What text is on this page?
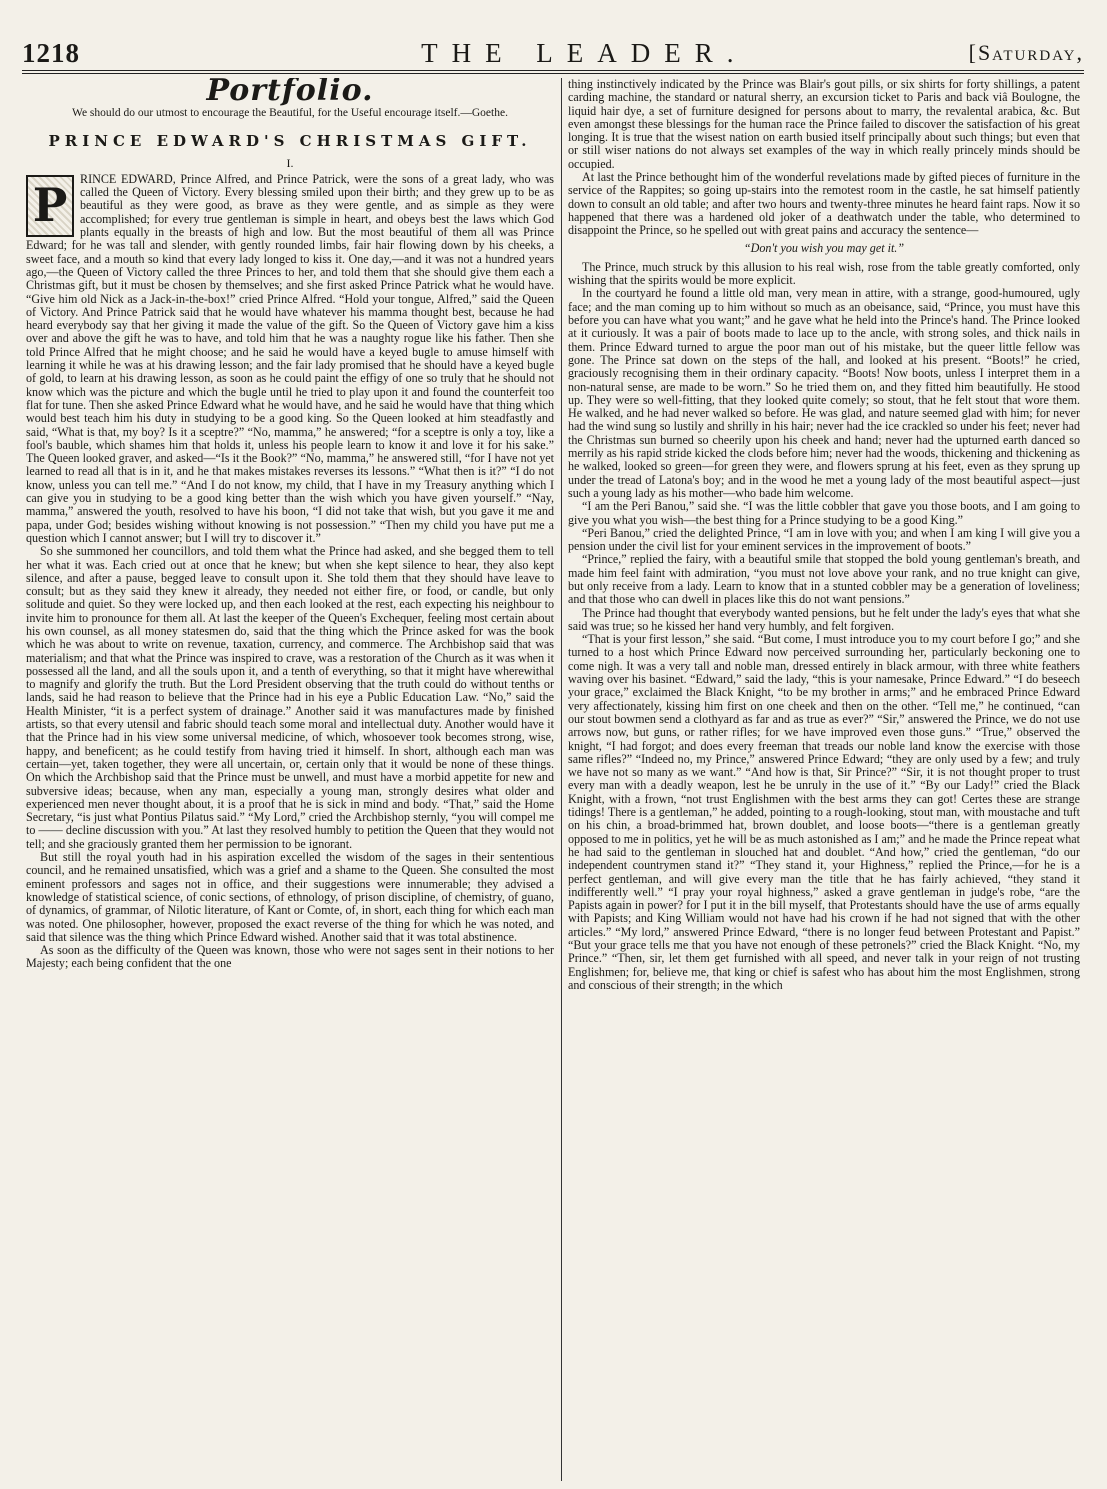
1218	THE LEADER.	[Saturday,
Portfolio.
We should do our utmost to encourage the Beautiful, for the Useful encourage itself.—Goethe.
PRINCE EDWARD'S CHRISTMAS GIFT.
I.
P	RINCE EDWARD, Prince Alfred, and Prince Patrick, were the sons of a great lady, who was called the Queen of Victory. Every blessing smiled upon their birth; and they grew up to be as beautiful as they were good, as brave as they were gentle, and as simple as they were accomplished; for every true gentleman is simple in heart, and obeys best the laws which God plants equally in the breasts of high and low. But the most beautiful of them all was Prince Edward; for he was tall and slender, with gently rounded limbs, fair hair flowing down by his cheeks, a sweet face, and a mouth so kind that every lady longed to kiss it. One day,—and it was not a hundred years ago,—the Queen of Victory called the three Princes to her, and told them that she should give them each a Christmas gift, but it must be chosen by themselves; and she first asked Prince Patrick what he would have. “Give him old Nick as a Jack-in-the-box!” cried Prince Alfred. “Hold your tongue, Alfred,” said the Queen of Victory. And Prince Patrick said that he would have whatever his mamma thought best, because he had heard everybody say that her giving it made the value of the gift. So the Queen of Victory gave him a kiss over and above the gift he was to have, and told him that he was a naughty rogue like his father. Then she told Prince Alfred that he might choose; and he said he would have a keyed bugle to amuse himself with learning it while he was at his drawing lesson; and the fair lady promised that he should have a keyed bugle of gold, to learn at his drawing lesson, as soon as he could paint the effigy of one so truly that he should not know which was the picture and which the bugle until he tried to play upon it and found the counterfeit too flat for tune. Then she asked Prince Edward what he would have, and he said he would have that thing which would best teach him his duty in studying to be a good king. So the Queen looked at him steadfastly and said, “What is that, my boy? Is it a sceptre?” “No, mamma,” he answered; “for a sceptre is only a toy, like a fool's bauble, which shames him that holds it, unless his people learn to know it and love it for his sake.” The Queen looked graver, and asked—“Is it the Book?” “No, mamma,” he answered still, “for I have not yet learned to read all that is in it, and he that makes mistakes reverses its lessons.” “What then is it?” “I do not know, unless you can tell me.” “And I do not know, my child, that I have in my Treasury anything which I can give you in studying to be a good king better than the wish which you have given yourself.” “Nay, mamma,” answered the youth, resolved to have his boon, “I did not take that wish, but you gave it me and papa, under God; besides wishing without knowing is not possession.” “Then my child you have put me a question which I cannot answer; but I will try to discover it.”

So she summoned her councillors, and told them what the Prince had asked, and she begged them to tell her what it was. Each cried out at once that he knew; but when she kept silence to hear, they also kept silence, and after a pause, begged leave to consult upon it. She told them that they should have leave to consult; but as they said they knew it already, they needed not either fire, or food, or candle, but only solitude and quiet. So they were locked up, and then each looked at the rest, each expecting his neighbour to invite him to pronounce for them all. At last the keeper of the Queen's Exchequer, feeling most certain about his own counsel, as all money statesmen do, said that the thing which the Prince asked for was the book which he was about to write on revenue, taxation, currency, and commerce. The Archbishop said that was materialism; and that what the Prince was inspired to crave, was a restoration of the Church as it was when it possessed all the land, and all the souls upon it, and a tenth of everything, so that it might have wherewithal to magnify and glorify the truth. But the Lord President observing that the truth could do without tenths or lands, said he had reason to believe that the Prince had in his eye a Public Education Law. “No,” said the Health Minister, “it is a perfect system of drainage.” Another said it was manufactures made by finished artists, so that every utensil and fabric should teach some moral and intellectual duty. Another would have it that the Prince had in his view some universal medicine, of which, whosoever took becomes strong, wise, happy, and beneficent; as he could testify from having tried it himself. In short, although each man was certain—yet, taken together, they were all uncertain, or, certain only that it would be none of these things. On which the Archbishop said that the Prince must be unwell, and must have a morbid appetite for new and subversive ideas; because, when any man, especially a young man, strongly desires what older and experienced men never thought about, it is a proof that he is sick in mind and body. “That,” said the Home Secretary, “is just what Pontius Pilatus said.” “My Lord,” cried the Archbishop sternly, “you will compel me to —— decline discussion with you.” At last they resolved humbly to petition the Queen that they would not tell; and she graciously granted them her permission to be ignorant.

But still the royal youth had in his aspiration excelled the wisdom of the sages in their sententious council, and he remained unsatisfied, which was a grief and a shame to the Queen. She consulted the most eminent professors and sages not in office, and their suggestions were innumerable; they advised a knowledge of statistical science, of conic sections, of ethnology, of prison discipline, of chemistry, of guano, of dynamics, of grammar, of Nilotic literature, of Kant or Comte, of, in short, each thing for which each man was noted. One philosopher, however, proposed the exact reverse of the thing for which he was noted, and said that silence was the thing which Prince Edward wished. Another said that it was total abstinence.

As soon as the difficulty of the Queen was known, those who were not sages sent in their notions to her Majesty; each being confident that the one

thing instinctively indicated by the Prince was Blair's gout pills, or six shirts for forty shillings, a patent carding machine, the standard or natural sherry, an excursion ticket to Paris and back viâ Boulogne, the liquid hair dye, a set of furniture designed for persons about to marry, the revalental arabica, &c. But even amongst these blessings for the human race the Prince failed to discover the satisfaction of his great longing. It is true that the wisest nation on earth busied itself principally about such things; but even that or still wiser nations do not always set examples of the way in which really princely minds should be occupied.

At last the Prince bethought him of the wonderful revelations made by gifted pieces of furniture in the service of the Rappites; so going up-stairs into the remotest room in the castle, he sat himself patiently down to consult an old table; and after two hours and twenty-three minutes he heard faint raps. Now it so happened that there was a hardened old joker of a deathwatch under the table, who determined to disappoint the Prince, so he spelled out with great pains and accuracy the sentence—

“Don't you wish you may get it.”

The Prince, much struck by this allusion to his real wish, rose from the table greatly comforted, only wishing that the spirits would be more explicit.

In the courtyard he found a little old man, very mean in attire, with a strange, good-humoured, ugly face; and the man coming up to him without so much as an obeisance, said, “Prince, you must have this before you can have what you want;” and he gave what he held into the Prince's hand. The Prince looked at it curiously. It was a pair of boots made to lace up to the ancle, with strong soles, and thick nails in them. Prince Edward turned to argue the poor man out of his mistake, but the queer little fellow was gone. The Prince sat down on the steps of the hall, and looked at his present. “Boots!” he cried, graciously recognising them in their ordinary capacity. “Boots! Now boots, unless I interpret them in a non-natural sense, are made to be worn.” So he tried them on, and they fitted him beautifully. He stood up. They were so well-fitting, that they looked quite comely; so stout, that he felt stout that wore them. He walked, and he had never walked so before. He was glad, and nature seemed glad with him; for never had the wind sung so lustily and shrilly in his hair; never had the ice crackled so under his feet; never had the Christmas sun burned so cheerily upon his cheek and hand; never had the upturned earth danced so merrily as his rapid stride kicked the clods before him; never had the woods, thickening and thickening as he walked, looked so green—for green they were, and flowers sprung at his feet, even as they sprung up under the tread of Latona's boy; and in the wood he met a young lady of the most beautiful aspect—just such a young lady as his mother—who bade him welcome.

“I am the Peri Banou,” said she. “I was the little cobbler that gave you those boots, and I am going to give you what you wish—the best thing for a Prince studying to be a good King.”

“Peri Banou,” cried the delighted Prince, “I am in love with you; and when I am king I will give you a pension under the civil list for your eminent services in the improvement of boots.”

“Prince,” replied the fairy, with a beautiful smile that stopped the bold young gentleman's breath, and made him feel faint with admiration, “you must not love above your rank, and no true knight can give, but only receive from a lady. Learn to know that in a stunted cobbler may be a generation of loveliness; and that those who can dwell in places like this do not want pensions.”

The Prince had thought that everybody wanted pensions, but he felt under the lady's eyes that what she said was true; so he kissed her hand very humbly, and felt forgiven.

“That is your first lesson,” she said. “But come, I must introduce you to my court before I go;” and she turned to a host which Prince Edward now perceived surrounding her, particularly beckoning one to come nigh. It was a very tall and noble man, dressed entirely in black armour, with three white feathers waving over his basinet. “Edward,” said the lady, “this is your namesake, Prince Edward.” “I do beseech your grace,” exclaimed the Black Knight, “to be my brother in arms;” and he embraced Prince Edward very affectionately, kissing him first on one cheek and then on the other. “Tell me,” he continued, “can our stout bowmen send a clothyard as far and as true as ever?” “Sir,” answered the Prince, we do not use arrows now, but guns, or rather rifles; for we have improved even those guns.” “True,” observed the knight, “I had forgot; and does every freeman that treads our noble land know the exercise with those same rifles?” “Indeed no, my Prince,” answered Prince Edward; “they are only used by a few; and truly we have not so many as we want.” “And how is that, Sir Prince?” “Sir, it is not thought proper to trust every man with a deadly weapon, lest he be unruly in the use of it.” “By our Lady!” cried the Black Knight, with a frown, “not trust Englishmen with the best arms they can got! Certes these are strange tidings! There is a gentleman,” he added, pointing to a rough-looking, stout man, with moustache and tuft on his chin, a broad-brimmed hat, brown doublet, and loose boots—“there is a gentleman greatly opposed to me in politics, yet he will be as much astonished as I am;” and he made the Prince repeat what he had said to the gentleman in slouched hat and doublet. “And how,” cried the gentleman, “do our independent countrymen stand it?” “They stand it, your Highness,” replied the Prince,—for he is a perfect gentleman, and will give every man the title that he has fairly achieved, “they stand it indifferently well.” “I pray your royal highness,” asked a grave gentleman in judge's robe, “are the Papists again in power? for I put it in the bill myself, that Protestants should have the use of arms equally with Papists; and King William would not have had his crown if he had not signed that with the other articles.” “My lord,” answered Prince Edward, “there is no longer feud between Protestant and Papist.” “But your grace tells me that you have not enough of these petronels?” cried the Black Knight. “No, my Prince.” “Then, sir, let them get furnished with all speed, and never talk in your reign of not trusting Englishmen; for, believe me, that king or chief is safest who has about him the most Englishmen, strong and conscious of their strength; in the which
